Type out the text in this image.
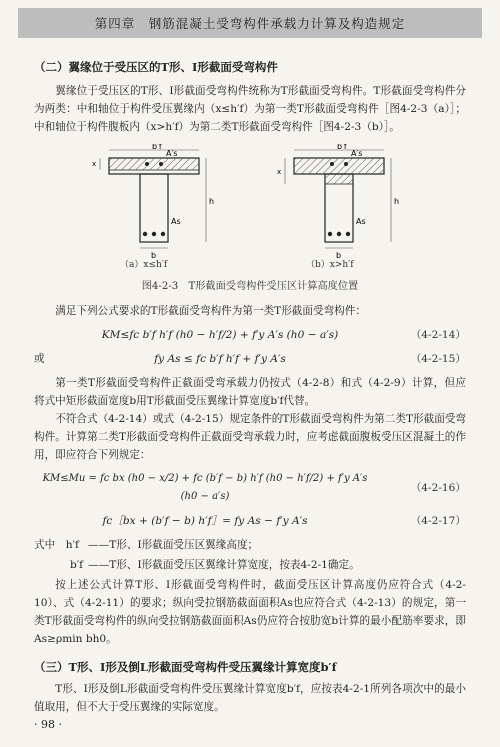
第四章　钢筋混凝土受弯构件承载力计算及构造规定
（二）翼缘位于受压区的T形、I形截面受弯构件

翼缘位于受压区的T形、I形截面受弯构件统称为T形截面受弯构件。T形截面受弯构件分为两类：中和轴位于构件受压翼缘内（x≤h′f）为第一类T形截面受弯构件［图4-2-3（a）］；中和轴位于构件腹板内（x>h′f）为第二类T形截面受弯构件［图4-2-3（b）］。

b′f
A′s
As
b
h
x
b′f
A′s
As
b
h
x
（a）x≤h′f	（b）x>h′f
图4-2-3　T形截面受弯构件受压区计算高度位置

满足下列公式要求的T形截面受弯构件为第一类T形截面受弯构件：

KM≤fc b′f h′f (h0 − h′f/2) + f′y A′s (h0 − a′s)	（4-2-14）
或	fy As ≤ fc b′f h′f + f′y A′s	（4-2-15）

第一类T形截面受弯构件正截面受弯承载力仍按式（4-2-8）和式（4-2-9）计算，但应将式中矩形截面宽度b用T形截面受压翼缘计算宽度b′f代替。

不符合式（4-2-14）或式（4-2-15）规定条件的T形截面受弯构件为第二类T形截面受弯构件。计算第二类T形截面受弯构件正截面受弯承载力时，应考虑截面腹板受压区混凝土的作用，即应符合下列规定：

KM≤Mu = fc bx (h0 − x/2) + fc (b′f − b) h′f (h0 − h′f/2) + f′y A′s (h0 − a′s)
（4-2-16）
fc［bx + (b′f − b) h′f］= fy As − f′y A′s	（4-2-17）
式中　h′f ——T形、I形截面受压区翼缘高度；
b′f ——T形、I形截面受压区翼缘计算宽度，按表4-2-1确定。

按上述公式计算T形、I形截面受弯构件时，截面受压区计算高度仍应符合式（4-2-10）、式（4-2-11）的要求；纵向受拉钢筋截面面积As也应符合式（4-2-13）的规定，第一类T形截面受弯构件的纵向受拉钢筋截面面积As仍应符合按肋宽b计算的最小配筋率要求，即As≥ρmin bh0。

（三）T形、I形及倒L形截面受弯构件受压翼缘计算宽度b′f

T形、I形及倒L形截面受弯构件受压翼缘计算宽度b′f，应按表4-2-1所列各项次中的最小值取用，但不大于受压翼缘的实际宽度。

· 98 ·
